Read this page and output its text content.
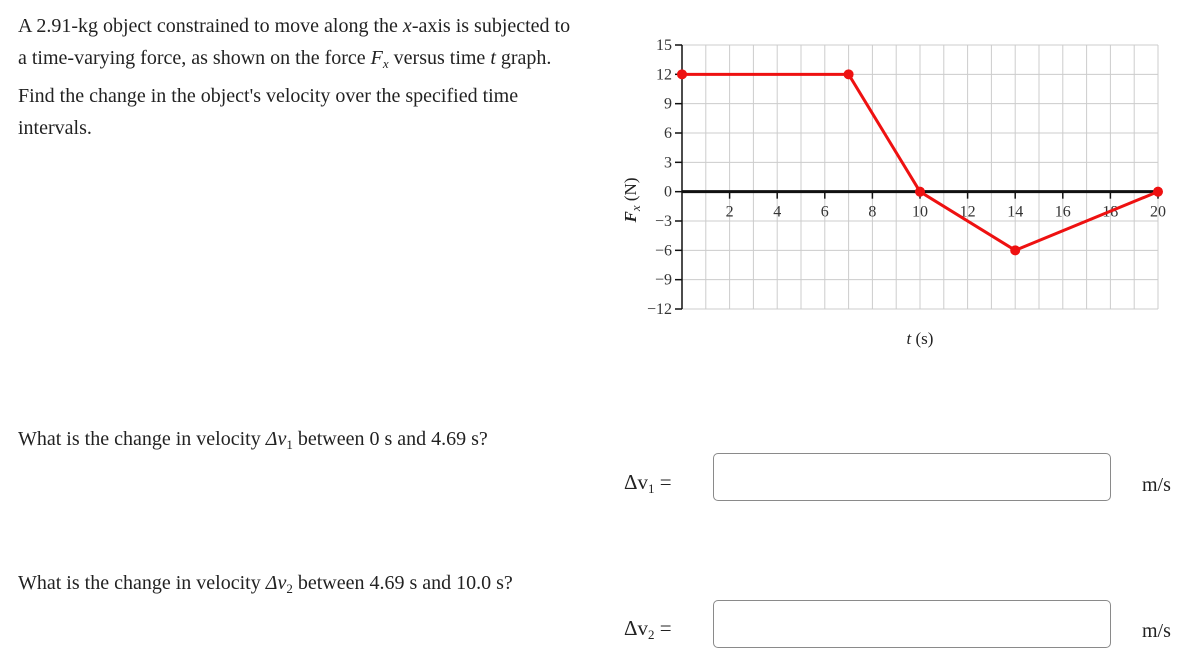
A 2.91-kg object constrained to move along the x-axis is subjected to a time-varying force, as shown on the force $F_x$ versus time t graph. Find the change in the object's velocity over the specified time intervals.

2 4 6 8 10 12 14 16 18 20
15
12
9
6
3
0
−3
−6
−9
−12
t (s)
$F_x$ (N)

What is the change in velocity $\Delta v_1$ between 0 s and 4.69 s?

Δv1 =	m/s

What is the change in velocity $\Delta v_2$ between 4.69 s and 10.0 s?

Δv2 =	m/s
